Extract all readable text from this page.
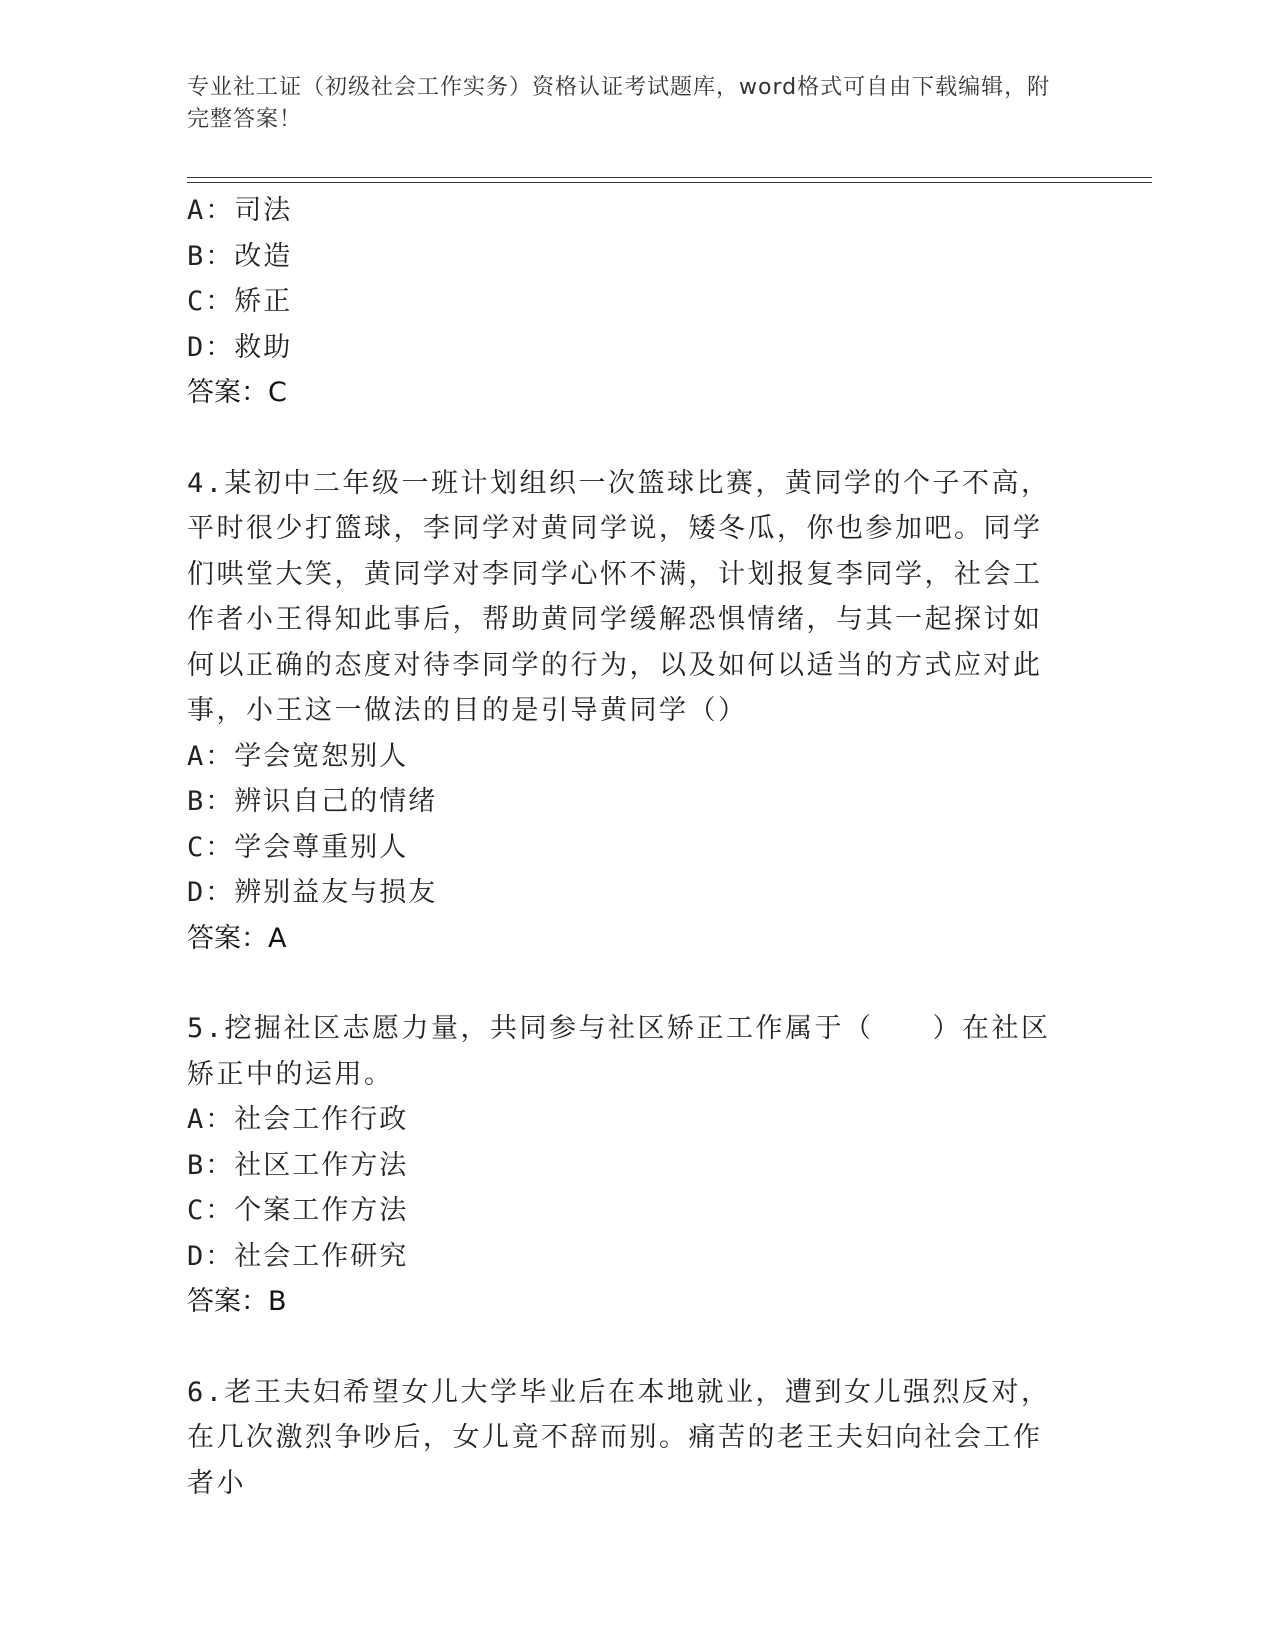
专业社工证（初级社会工作实务）资格认证考试题库，word格式可自由下载编辑，附完整答案！

A：司法

B：改造

C：矫正

D：救助

答案：C

4.某初中二年级一班计划组织一次篮球比赛，黄同学的个子不高，平时很少打篮球，李同学对黄同学说，矮冬瓜，你也参加吧。同学们哄堂大笑，黄同学对李同学心怀不满，计划报复李同学，社会工作者小王得知此事后，帮助黄同学缓解恐惧情绪，与其一起探讨如何以正确的态度对待李同学的行为，以及如何以适当的方式应对此事，小王这一做法的目的是引导黄同学（）

A：学会宽恕别人

B：辨识自己的情绪

C：学会尊重别人

D：辨别益友与损友

答案：A

5.挖掘社区志愿力量，共同参与社区矫正工作属于（　　）在社区矫正中的运用。

A：社会工作行政

B：社区工作方法

C：个案工作方法

D：社会工作研究

答案：B

6.老王夫妇希望女儿大学毕业后在本地就业，遭到女儿强烈反对，在几次激烈争吵后，女儿竟不辞而别。痛苦的老王夫妇向社会工作者小
